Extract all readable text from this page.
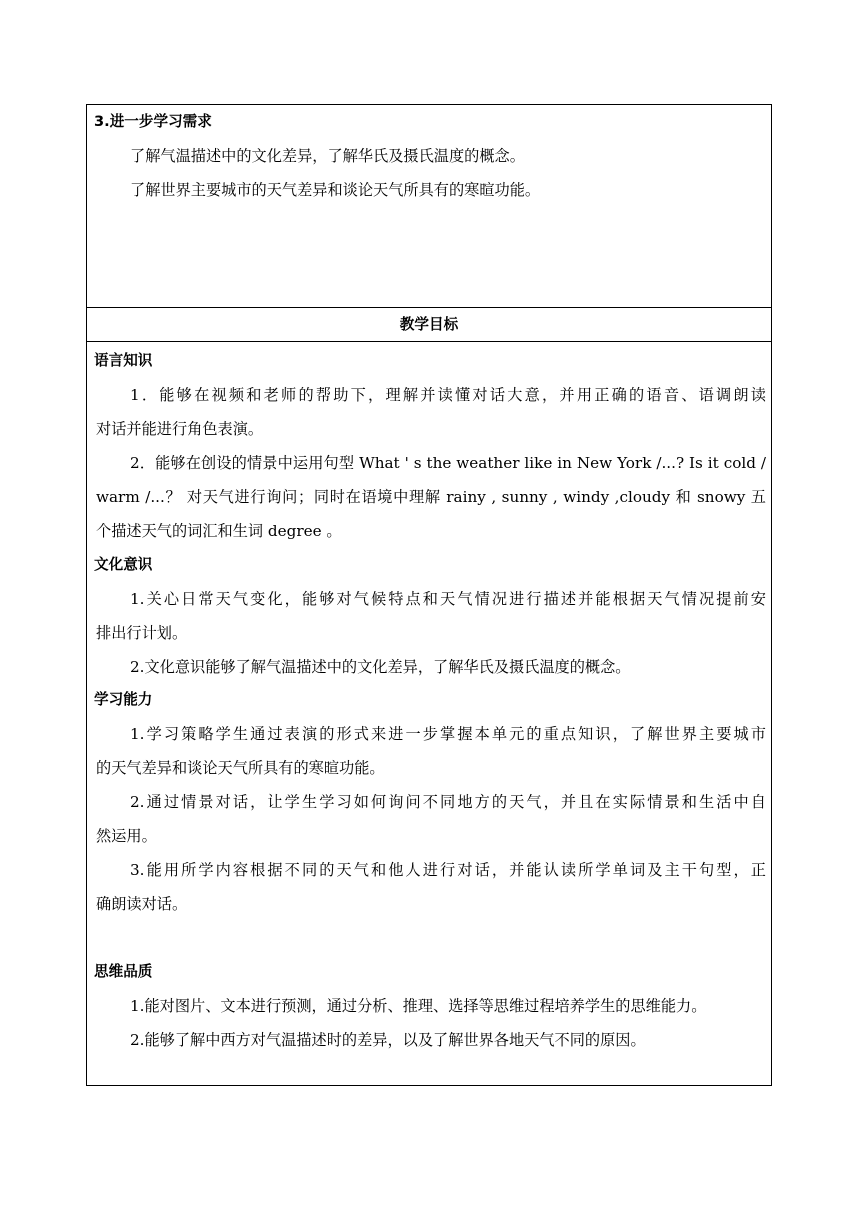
3.进一步学习需求
了解气温描述中的文化差异，了解华氏及摄氏温度的概念。
了解世界主要城市的天气差异和谈论天气所具有的寒暄功能。
教学目标
语言知识
1．能够在视频和老师的帮助下，理解并读懂对话大意，并用正确的语音、语调朗读
对话并能进行角色表演。
2．能够在创设的情景中运用句型 What ' s the weather like in New York /...? Is it cold /
warm /...？ 对天气进行询问；同时在语境中理解 rainy , sunny , windy ,cloudy 和 snowy 五
个描述天气的词汇和生词 degree 。
文化意识
1.关心日常天气变化，能够对气候特点和天气情况进行描述并能根据天气情况提前安
排出行计划。
2.文化意识能够了解气温描述中的文化差异，了解华氏及摄氏温度的概念。
学习能力
1.学习策略学生通过表演的形式来进一步掌握本单元的重点知识，了解世界主要城市
的天气差异和谈论天气所具有的寒暄功能。
2.通过情景对话，让学生学习如何询问不同地方的天气，并且在实际情景和生活中自
然运用。
3.能用所学内容根据不同的天气和他人进行对话，并能认读所学单词及主干句型，正
确朗读对话。
思维品质
1.能对图片、文本进行预测，通过分析、推理、选择等思维过程培养学生的思维能力。
2.能够了解中西方对气温描述时的差异，以及了解世界各地天气不同的原因。
